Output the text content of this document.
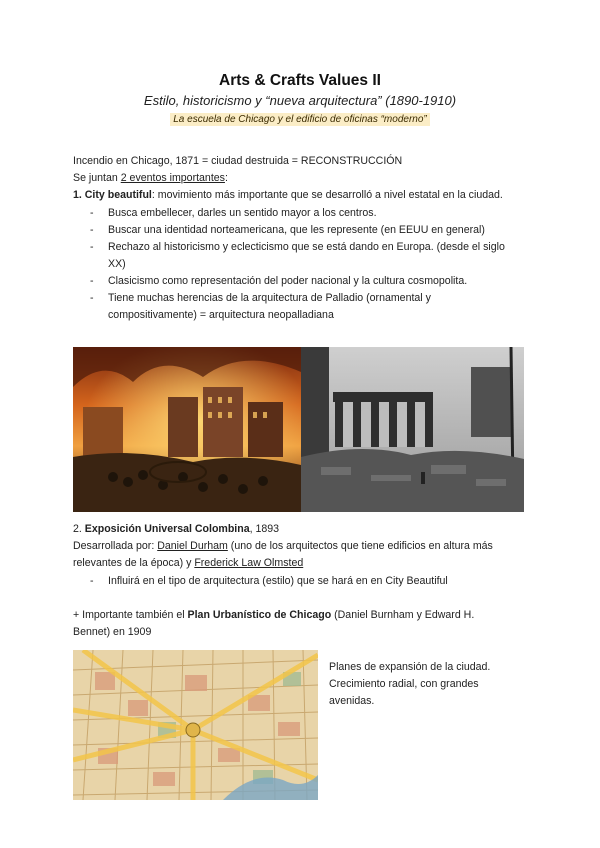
Arts & Crafts Values II
Estilo, historicismo y “nueva arquitectura” (1890-1910)
La escuela de Chicago y el edificio de oficinas “moderno”
Incendio en Chicago, 1871 = ciudad destruida = RECONSTRUCCIÓN
Se juntan 2 eventos importantes:
1. City beautiful: movimiento más importante que se desarrolló a nivel estatal en la ciudad.
- Busca embellecer, darles un sentido mayor a los centros.
- Buscar una identidad norteamericana, que les represente (en EEUU en general)
- Rechazo al historicismo y eclecticismo que se está dando en Europa. (desde el siglo
XX)
- Clasicismo como representación del poder nacional y la cultura cosmopolita.
- Tiene muchas herencias de la arquitectura de Palladio (ornamental y
compositivamente) = arquitectura neopalladiana
2. Exposición Universal Colombina, 1893
Desarrollada por: Daniel Durham (uno de los arquitectos que tiene edificios en altura más
relevantes de la época) y Frederick Law Olmsted
- Influirá en el tipo de arquitectura (estilo) que se hará en en City Beautiful
+ Importante también el Plan Urbanístico de Chicago (Daniel Burnham y Edward H.
Bennet) en 1909
Planes de expansión de la ciudad.
Crecimiento radial, con grandes
avenidas.
